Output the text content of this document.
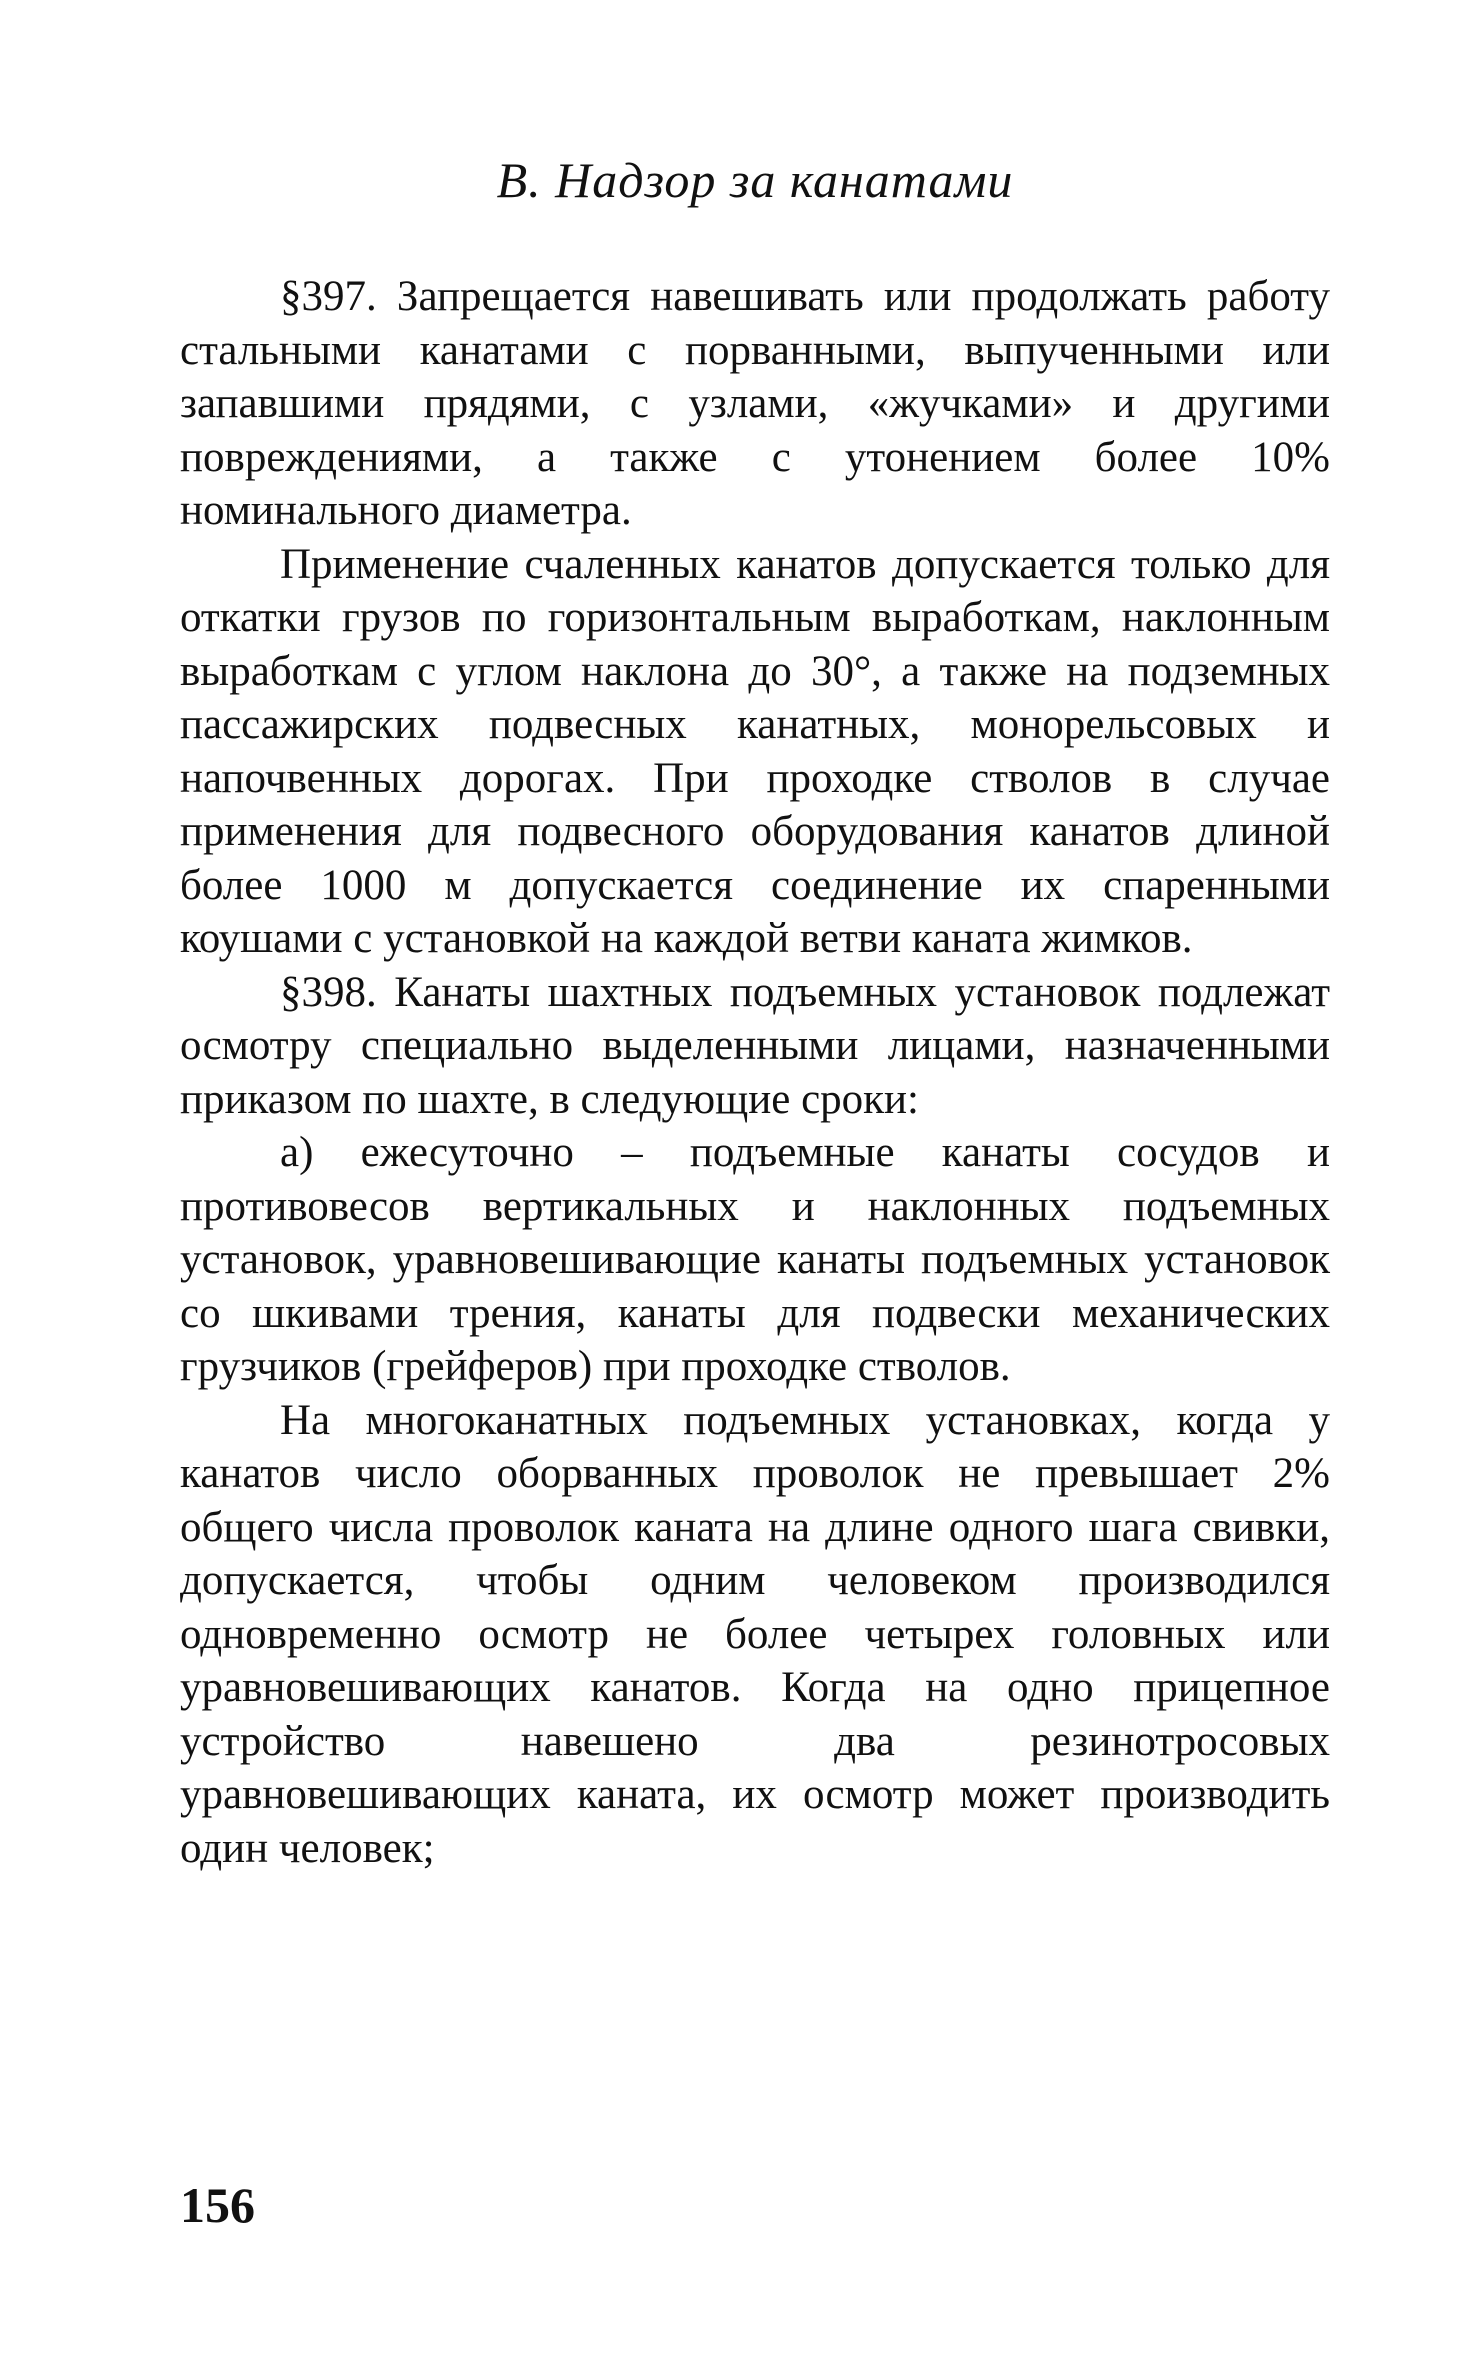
В. Надзор за канатами

§397. Запрещается навешивать или продолжать работу стальными канатами с порванными, выпученными или запавшими прядями, с узлами, «жучками» и другими повреждениями, а также с утонением более 10% номинального диаметра.

Применение счаленных канатов допускается только для откатки грузов по горизонтальным выработкам, наклонным выработкам с углом наклона до 30°, а также на подземных пассажирских подвесных канатных, монорельсовых и напочвенных дорогах. При проходке стволов в случае применения для подвесного оборудования канатов длиной более 1000 м допускается соединение их спаренными коушами с установкой на каждой ветви каната жимков.

§398. Канаты шахтных подъемных установок подлежат осмотру специально выделенными лицами, назначенными приказом по шахте, в следующие сроки:

а) ежесуточно – подъемные канаты сосудов и противовесов вертикальных и наклонных подъемных установок, уравновешивающие канаты подъемных установок со шкивами трения, канаты для подвески механических грузчиков (грейферов) при проходке стволов.

На многоканатных подъемных установках, когда у канатов число оборванных проволок не превышает 2% общего числа проволок каната на длине одного шага свивки, допускается, чтобы одним человеком производился одновременно осмотр не более четырех головных или уравновешивающих канатов. Когда на одно прицепное устройство навешено два резинотросовых уравновешивающих каната, их осмотр может производить один человек;

156
